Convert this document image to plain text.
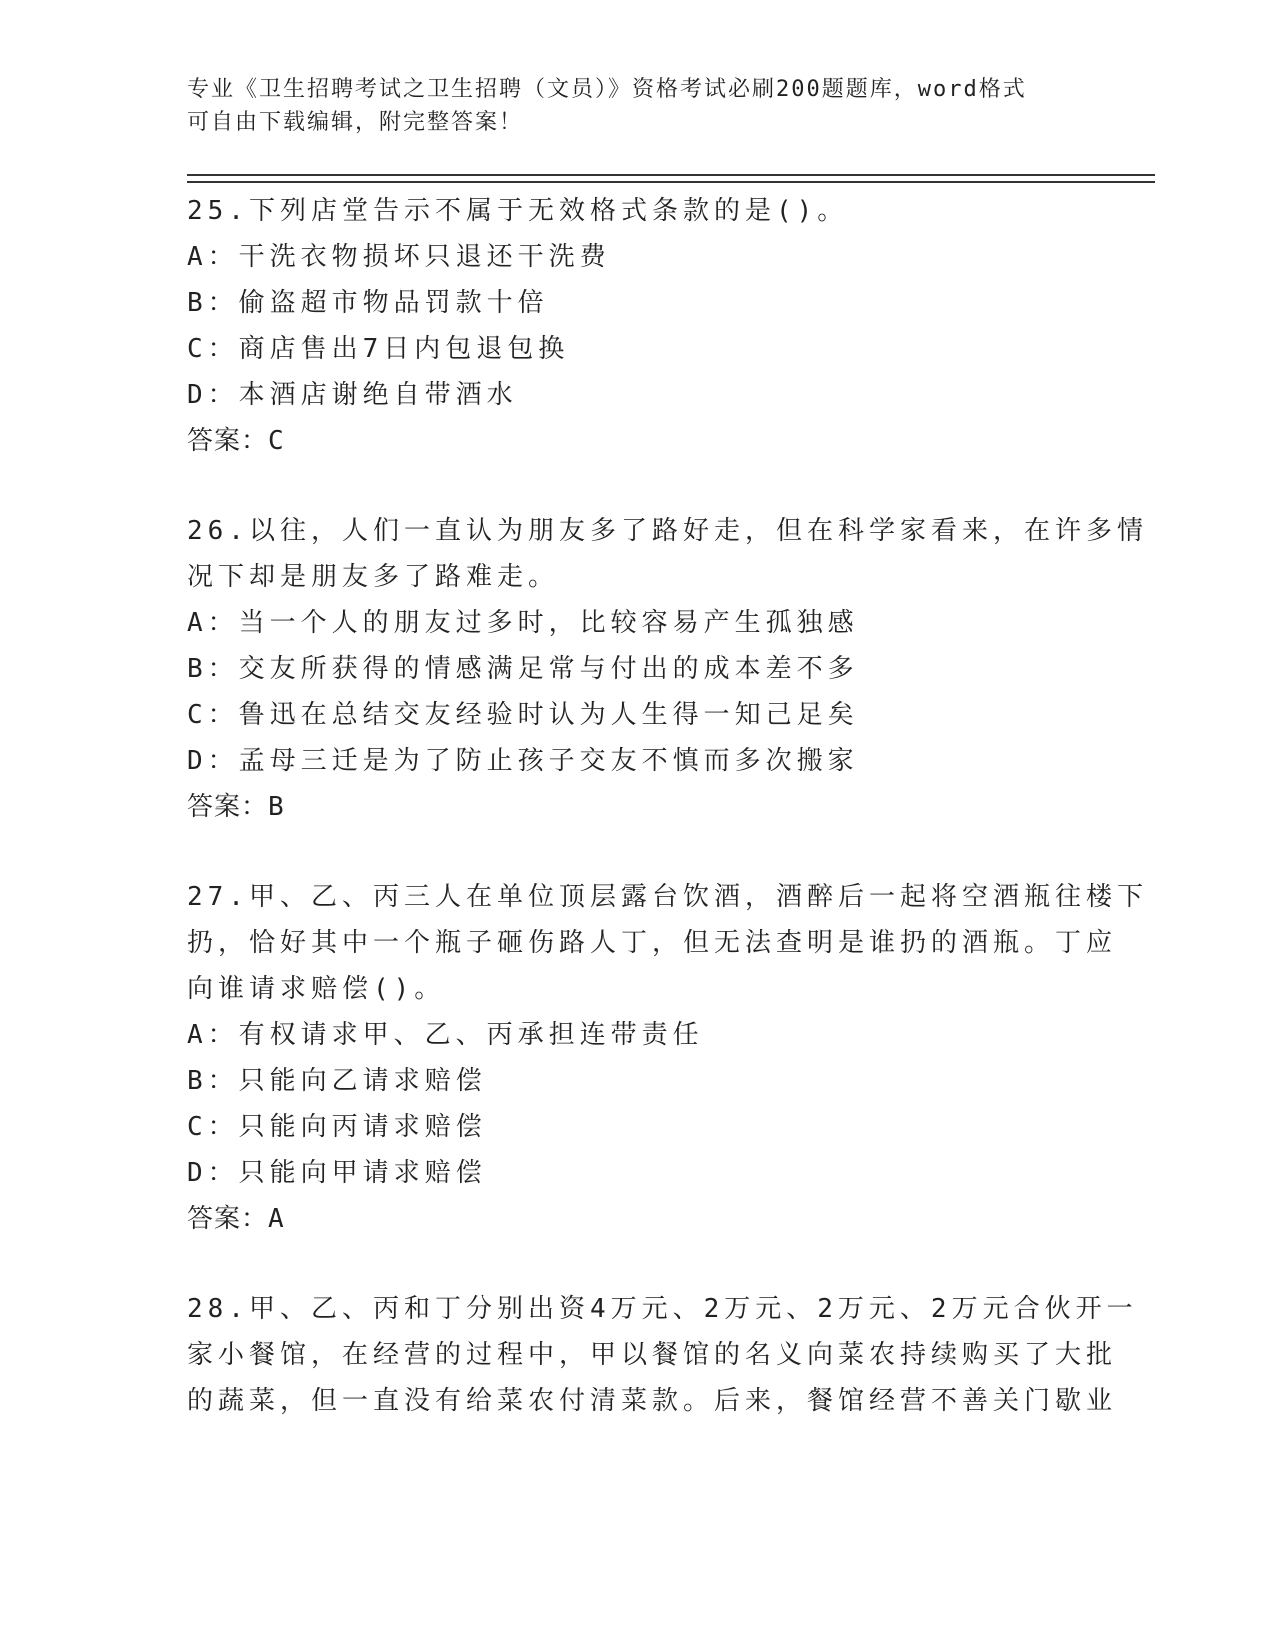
专业《卫生招聘考试之卫生招聘（文员）》资格考试必刷200题题库，word格式
可自由下载编辑，附完整答案！
25.下列店堂告示不属于无效格式条款的是()。
A：干洗衣物损坏只退还干洗费
B：偷盗超市物品罚款十倍
C：商店售出7日内包退包换
D：本酒店谢绝自带酒水
答案：C
26.以往，人们一直认为朋友多了路好走，但在科学家看来，在许多情
况下却是朋友多了路难走。
A：当一个人的朋友过多时，比较容易产生孤独感
B：交友所获得的情感满足常与付出的成本差不多
C：鲁迅在总结交友经验时认为人生得一知己足矣
D：孟母三迁是为了防止孩子交友不慎而多次搬家
答案：B
27.甲、乙、丙三人在单位顶层露台饮酒，酒醉后一起将空酒瓶往楼下
扔，恰好其中一个瓶子砸伤路人丁，但无法查明是谁扔的酒瓶。丁应
向谁请求赔偿()。
A：有权请求甲、乙、丙承担连带责任
B：只能向乙请求赔偿
C：只能向丙请求赔偿
D：只能向甲请求赔偿
答案：A
28.甲、乙、丙和丁分别出资4万元、2万元、2万元、2万元合伙开一
家小餐馆，在经营的过程中，甲以餐馆的名义向菜农持续购买了大批
的蔬菜，但一直没有给菜农付清菜款。后来，餐馆经营不善关门歇业
